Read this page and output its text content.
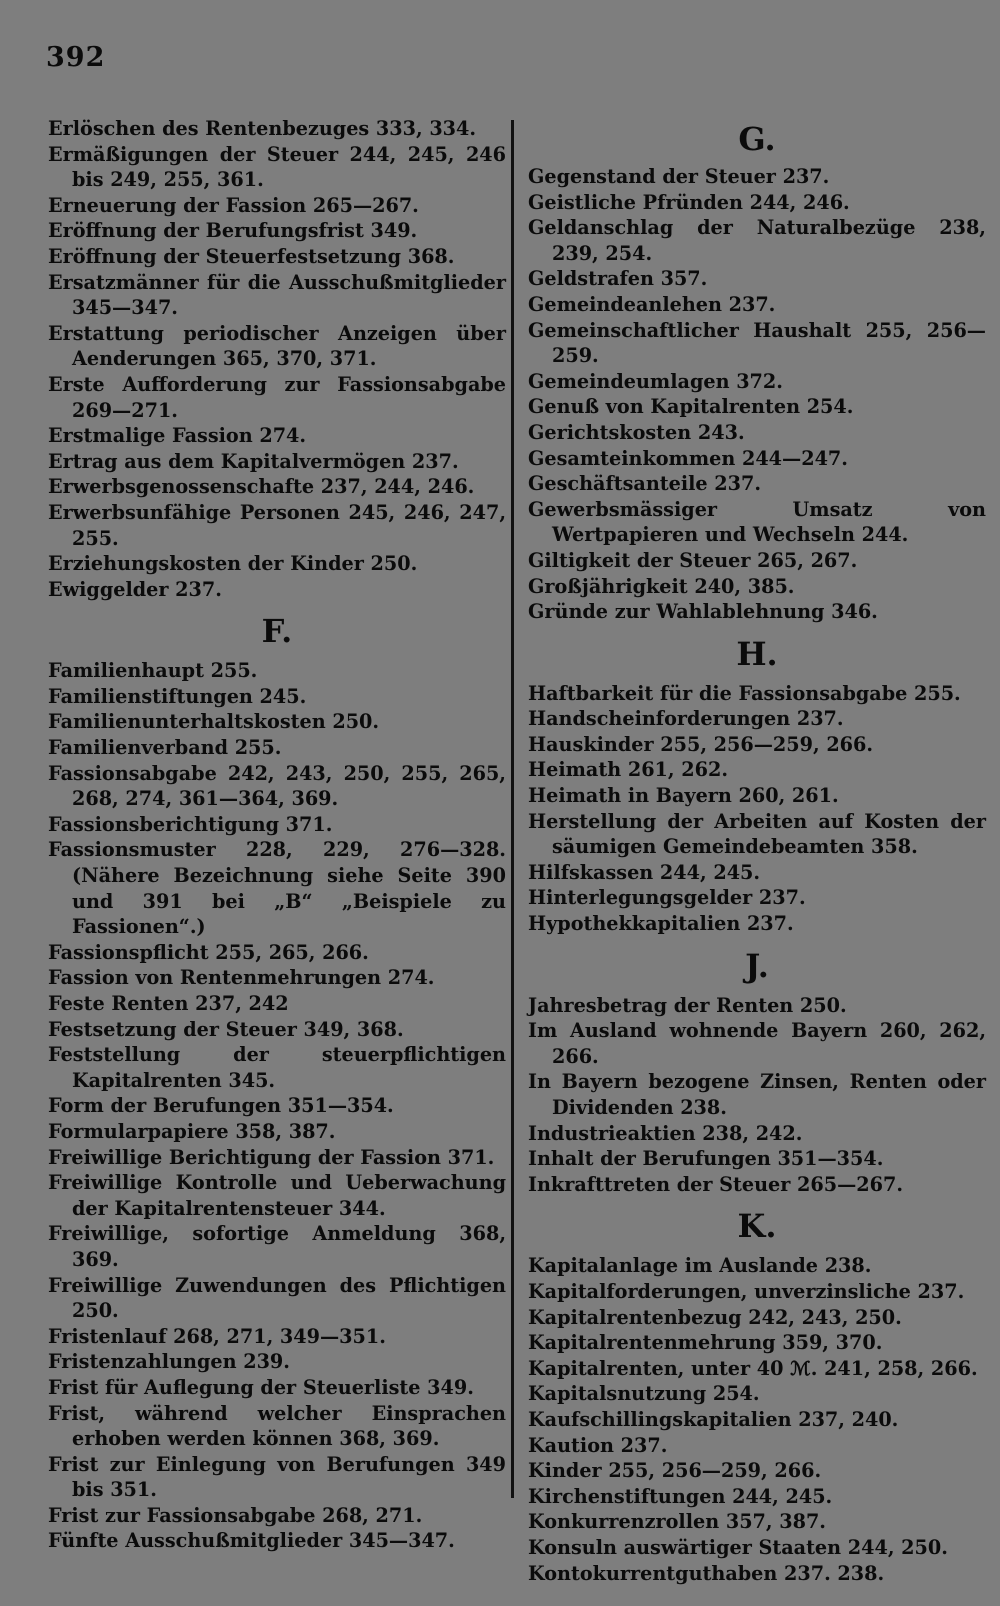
392
Erlöschen des Rentenbezuges 333, 334.
Ermäßigungen der Steuer 244, 245, 246 bis 249, 255, 361.
Erneuerung der Fassion 265—267.
Eröffnung der Berufungsfrist 349.
Eröffnung der Steuerfestsetzung 368.
Ersatzmänner für die Ausschußmitglieder 345—347.
Erstattung periodischer Anzeigen über Aenderungen 365, 370, 371.
Erste Aufforderung zur Fassionsabgabe 269—271.
Erstmalige Fassion 274.
Ertrag aus dem Kapitalvermögen 237.
Erwerbsgenossenschafte 237, 244, 246.
Erwerbsunfähige Personen 245, 246, 247, 255.
Erziehungskosten der Kinder 250.
Ewiggelder 237.
F.
Familienhaupt 255.
Familienstiftungen 245.
Familienunterhaltskosten 250.
Familienverband 255.
Fassionsabgabe 242, 243, 250, 255, 265, 268, 274, 361—364, 369.
Fassionsberichtigung 371.
Fassionsmuster 228, 229, 276—328. (Nähere Bezeichnung siehe Seite 390 und 391 bei „B“ „Beispiele zu Fassionen“.)
Fassionspflicht 255, 265, 266.
Fassion von Rentenmehrungen 274.
Feste Renten 237, 242
Festsetzung der Steuer 349, 368.
Feststellung der steuerpflichtigen Kapitalrenten 345.
Form der Berufungen 351—354.
Formularpapiere 358, 387.
Freiwillige Berichtigung der Fassion 371.
Freiwillige Kontrolle und Ueberwachung der Kapitalrentensteuer 344.
Freiwillige, sofortige Anmeldung 368, 369.
Freiwillige Zuwendungen des Pflichtigen 250.
Fristenlauf 268, 271, 349—351.
Fristenzahlungen 239.
Frist für Auflegung der Steuerliste 349.
Frist, während welcher Einsprachen erhoben werden können 368, 369.
Frist zur Einlegung von Berufungen 349 bis 351.
Frist zur Fassionsabgabe 268, 271.
Fünfte Ausschußmitglieder 345—347.
G.
Gegenstand der Steuer 237.
Geistliche Pfründen 244, 246.
Geldanschlag der Naturalbezüge 238, 239, 254.
Geldstrafen 357.
Gemeindeanlehen 237.
Gemeinschaftlicher Haushalt 255, 256—259.
Gemeindeumlagen 372.
Genuß von Kapitalrenten 254.
Gerichtskosten 243.
Gesamteinkommen 244—247.
Geschäftsanteile 237.
Gewerbsmässiger Umsatz von Wertpapieren und Wechseln 244.
Giltigkeit der Steuer 265, 267.
Großjährigkeit 240, 385.
Gründe zur Wahlablehnung 346.
H.
Haftbarkeit für die Fassionsabgabe 255.
Handscheinforderungen 237.
Hauskinder 255, 256—259, 266.
Heimath 261, 262.
Heimath in Bayern 260, 261.
Herstellung der Arbeiten auf Kosten der säumigen Gemeindebeamten 358.
Hilfskassen 244, 245.
Hinterlegungsgelder 237.
Hypothekkapitalien 237.
J.
Jahresbetrag der Renten 250.
Im Ausland wohnende Bayern 260, 262, 266.
In Bayern bezogene Zinsen, Renten oder Dividenden 238.
Industrieaktien 238, 242.
Inhalt der Berufungen 351—354.
Inkrafttreten der Steuer 265—267.
K.
Kapitalanlage im Auslande 238.
Kapitalforderungen, unverzinsliche 237.
Kapitalrentenbezug 242, 243, 250.
Kapitalrentenmehrung 359, 370.
Kapitalrenten, unter 40 ℳ. 241, 258, 266.
Kapitalsnutzung 254.
Kaufschillingskapitalien 237, 240.
Kaution 237.
Kinder 255, 256—259, 266.
Kirchenstiftungen 244, 245.
Konkurrenzrollen 357, 387.
Konsuln auswärtiger Staaten 244, 250.
Kontokurrentguthaben 237. 238.
